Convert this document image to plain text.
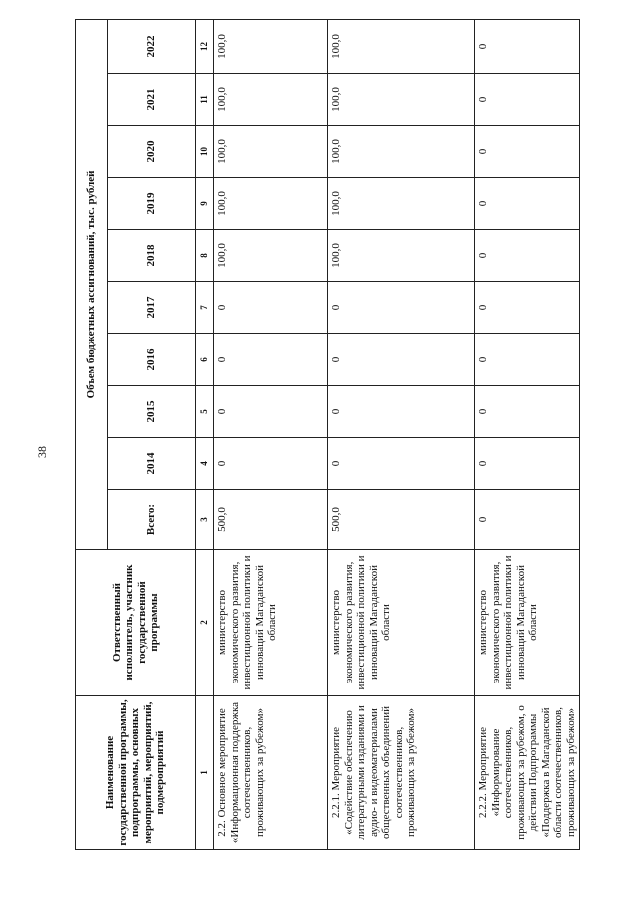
38
Наименование государственной программы, подпрограммы, основных мероприятий, мероприятий, подмероприятий	Ответственный исполнитель, участник государственной программы	Объем бюджетных ассигнований, тыс. рублей									
		Всего:	2014	2015	2016	2017	2018	2019	2020	2021	2022
1	2	3	4	5	6	7	8	9	10	11	12
2.2. Основное мероприятие «Информационная поддержка соотечественников, проживающих за рубежом»	министерство экономического развития, инвестиционной политики и инноваций Магаданской области	500,0	0	0	0	0	100,0	100,0	100,0	100,0	100,0
2.2.1. Мероприятие «Содействие обеспечению литературными изданиями и аудио- и видеоматериалами общественных объединений соотечественников, проживающих за рубежом»	министерство экономического развития, инвестиционной политики и инноваций Магаданской области	500,0	0	0	0	0	100,0	100,0	100,0	100,0	100,0
2.2.2. Мероприятие «Информирование соотечественников, проживающих за рубежом, о действии Подпрограммы «Поддержка в Магаданской области соотечественников, проживающих за рубежом»	министерство экономического развития, инвестиционной политики и инноваций Магаданской области	0	0	0	0	0	0	0	0	0	0
